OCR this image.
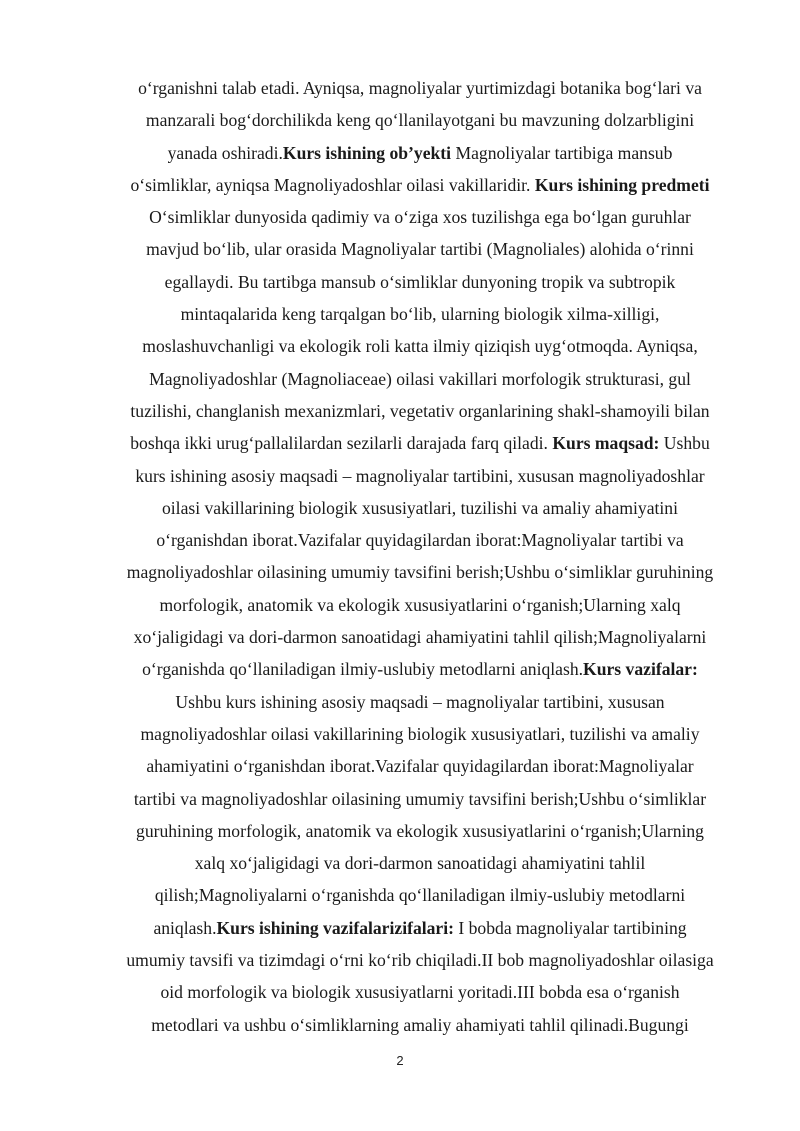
o‘rganishni talab etadi. Ayniqsa, magnoliyalar yurtimizdagi botanika bog‘lari va
manzarali bog‘dorchilikda keng qo‘llanilayotgani bu mavzuning dolzarbligini
yanada oshiradi.Kurs ishining ob’yekti Magnoliyalar tartibiga mansub
o‘simliklar, ayniqsa Magnoliyadoshlar oilasi vakillaridir. Kurs ishining predmeti
O‘simliklar dunyosida qadimiy va o‘ziga xos tuzilishga ega bo‘lgan guruhlar
mavjud bo‘lib, ular orasida Magnoliyalar tartibi (Magnoliales) alohida o‘rinni
egallaydi. Bu tartibga mansub o‘simliklar dunyoning tropik va subtropik
mintaqalarida keng tarqalgan bo‘lib, ularning biologik xilma-xilligi,
moslashuvchanligi va ekologik roli katta ilmiy qiziqish uyg‘otmoqda. Ayniqsa,
Magnoliyadoshlar (Magnoliaceae) oilasi vakillari morfologik strukturasi, gul
tuzilishi, changlanish mexanizmlari, vegetativ organlarining shakl-shamoyili bilan
boshqa ikki urug‘pallalilardan sezilarli darajada farq qiladi. Kurs maqsad: Ushbu
kurs ishining asosiy maqsadi – magnoliyalar tartibini, xususan magnoliyadoshlar
oilasi vakillarining biologik xususiyatlari, tuzilishi va amaliy ahamiyatini
o‘rganishdan iborat.Vazifalar quyidagilardan iborat:Magnoliyalar tartibi va
magnoliyadoshlar oilasining umumiy tavsifini berish;Ushbu o‘simliklar guruhining
morfologik, anatomik va ekologik xususiyatlarini o‘rganish;Ularning xalq
xo‘jaligidagi va dori-darmon sanoatidagi ahamiyatini tahlil qilish;Magnoliyalarni
o‘rganishda qo‘llaniladigan ilmiy-uslubiy metodlarni aniqlash.Kurs vazifalar:
Ushbu kurs ishining asosiy maqsadi – magnoliyalar tartibini, xususan
magnoliyadoshlar oilasi vakillarining biologik xususiyatlari, tuzilishi va amaliy
ahamiyatini o‘rganishdan iborat.Vazifalar quyidagilardan iborat:Magnoliyalar
tartibi va magnoliyadoshlar oilasining umumiy tavsifini berish;Ushbu o‘simliklar
guruhining morfologik, anatomik va ekologik xususiyatlarini o‘rganish;Ularning
xalq xo‘jaligidagi va dori-darmon sanoatidagi ahamiyatini tahlil
qilish;Magnoliyalarni o‘rganishda qo‘llaniladigan ilmiy-uslubiy metodlarni
aniqlash.Kurs ishining vazifalarizifalari: I bobda magnoliyalar tartibining
umumiy tavsifi va tizimdagi o‘rni ko‘rib chiqiladi.II bob magnoliyadoshlar oilasiga
oid morfologik va biologik xususiyatlarni yoritadi.III bobda esa o‘rganish
metodlari va ushbu o‘simliklarning amaliy ahamiyati tahlil qilinadi.Bugungi
2
